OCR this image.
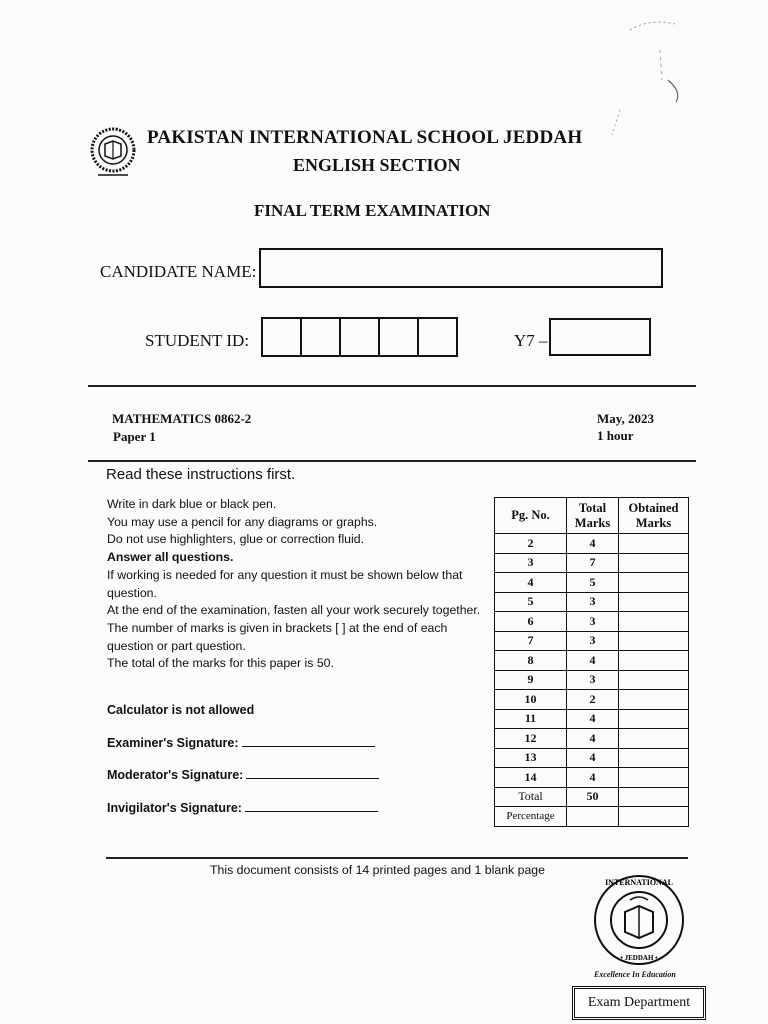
PAKISTAN INTERNATIONAL SCHOOL JEDDAH
ENGLISH SECTION
FINAL TERM EXAMINATION
CANDIDATE NAME:
STUDENT ID:	Y7 –
MATHEMATICS 0862-2
Paper 1
May, 2023
1 hour
Read these instructions first.

Write in dark blue or black pen.

You may use a pencil for any diagrams or graphs.

Do not use highlighters, glue or correction fluid.

Answer all questions.

If working is needed for any question it must be shown below that question.

At the end of the examination, fasten all your work securely together.

The number of marks is given in brackets [ ] at the end of each question or part question.

The total of the marks for this paper is 50.

Calculator is not allowed
Examiner's Signature:
Moderator's Signature:
Invigilator's Signature:
Pg. No.	Total Marks	Obtained Marks
2	4	
3	7	
4	5	
5	3	
6	3	
7	3	
8	4	
9	3	
10	2	
11	4	
12	4	
13	4	
14	4	
Total	50	
Percentage		
This document consists of 14 printed pages and 1 blank page
INTERNATIONAL
• JEDDAH •
Excellence In Education
Exam Department
